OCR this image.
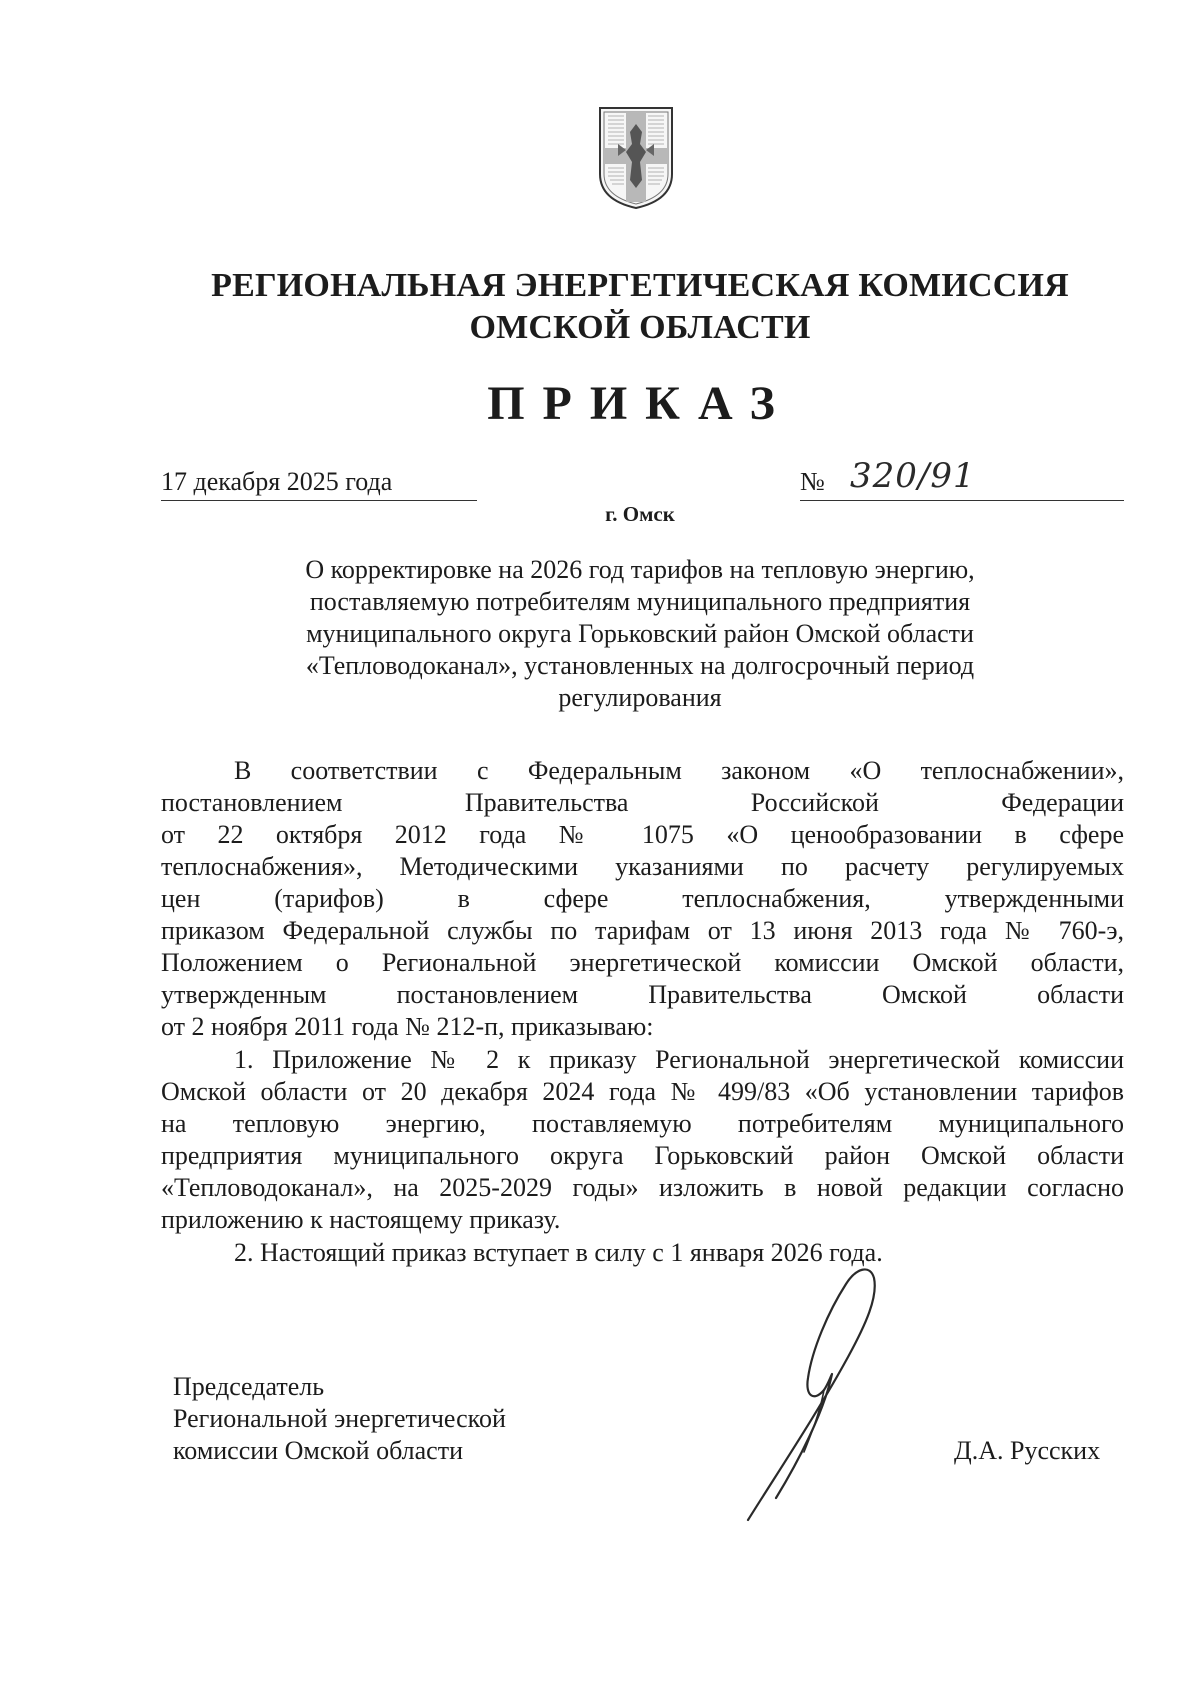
РЕГИОНАЛЬНАЯ ЭНЕРГЕТИЧЕСКАЯ КОМИССИЯ
ОМСКОЙ ОБЛАСТИ
ПРИКАЗ
17 декабря 2025 года	№ 320/91
г. Омск
О корректировке на 2026 год тарифов на тепловую энергию,
поставляемую потребителям муниципального предприятия
муниципального округа Горьковский район Омской области
«Тепловодоканал», установленных на долгосрочный период
регулирования
В соответствии с Федеральным законом «О теплоснабжении»,
постановлением Правительства Российской Федерации
от 22 октября 2012 года № 1075 «О ценообразовании в сфере
теплоснабжения», Методическими указаниями по расчету регулируемых
цен (тарифов) в сфере теплоснабжения, утвержденными
приказом Федеральной службы по тарифам от 13 июня 2013 года № 760-э,
Положением о Региональной энергетической комиссии Омской области,
утвержденным постановлением Правительства Омской области
от 2 ноября 2011 года № 212-п, приказываю:
1. Приложение № 2 к приказу Региональной энергетической комиссии
Омской области от 20 декабря 2024 года № 499/83 «Об установлении тарифов
на тепловую энергию, поставляемую потребителям муниципального
предприятия муниципального округа Горьковский район Омской области
«Тепловодоканал», на 2025-2029 годы» изложить в новой редакции согласно
приложению к настоящему приказу.
2. Настоящий приказ вступает в силу с 1 января 2026 года.
Председатель
Региональной энергетической
комиссии Омской области	Д.А. Русских
